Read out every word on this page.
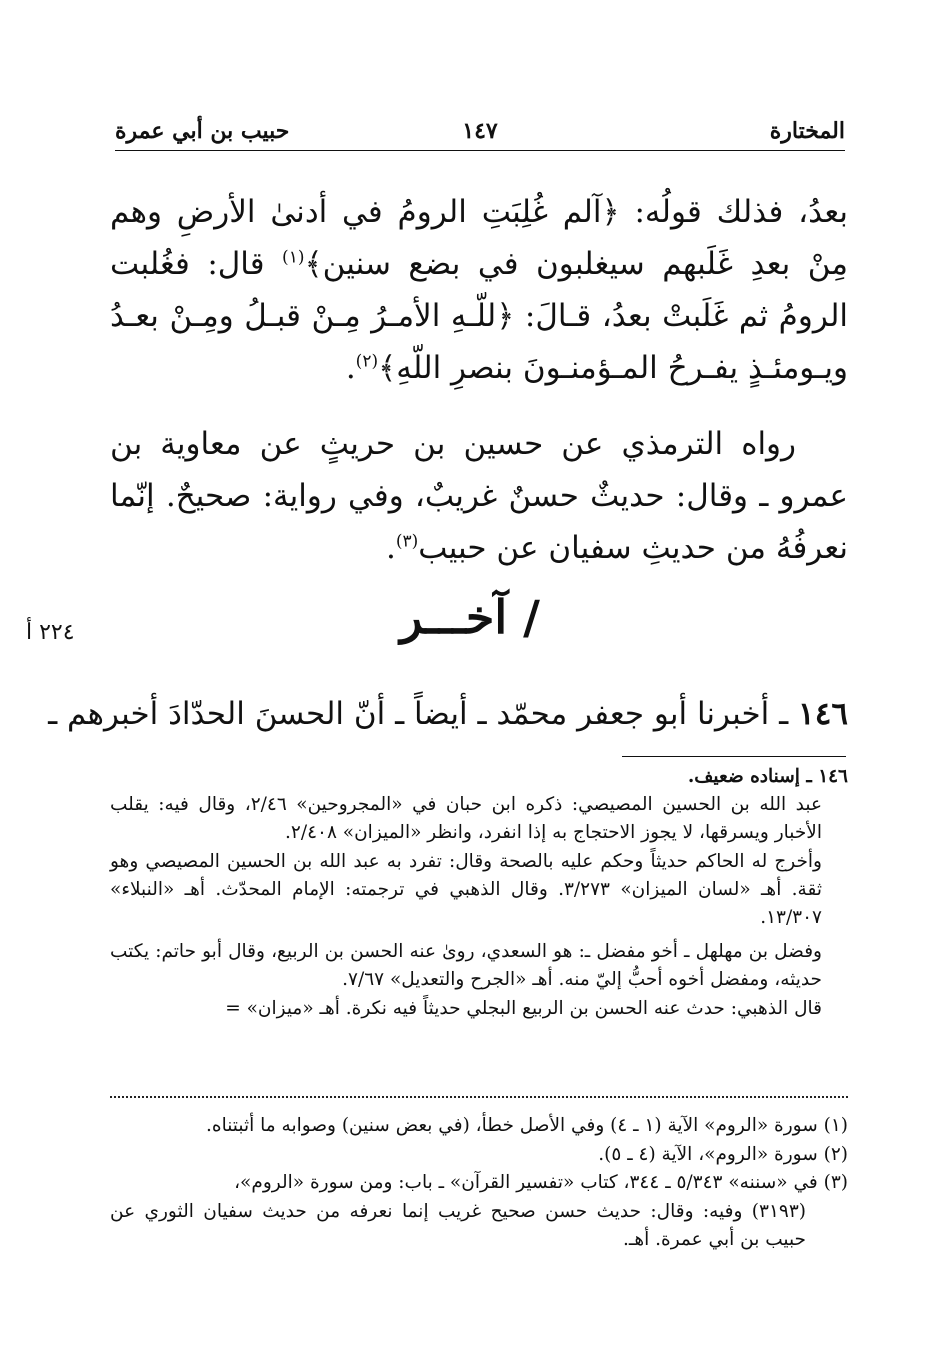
المختارة
١٤٧
حبيب بن أبي عمرة

بعدُ، فذلك قولُه: ﴿آلم غُلِبَتِ الرومُ في أدنىٰ الأرضِ وهم مِنْ بعدِ غَلَبهم سيغلبون في بضع سنين﴾$^{(١)}$ قال: فغُلبت الرومُ ثم غَلَبتْ بعدُ، قـالَ: ﴿للّـهِ الأمـرُ مِـنْ قبـلُ ومِـنْ بعـدُ ويـومئـذٍ يفـرحُ المـؤمنـونَ بنصرِ اللّهِ﴾$^{(٢)}$.

رواه الترمذي عن حسين بن حريثٍ عن معاوية بن عمرو ـ وقال: حديثٌ حسنٌ غريبٌ، وفي رواية: صحيحٌ. إنّما نعرفُهُ من حديثِ سفيان عن حبيب$^{(٣)}$.

/ آخـــر
٢٢٤ أ
١٤٦ ـ أخبرنا أبو جعفر محمّد ـ أيضاً ـ أنّ الحسنَ الحدّادَ أخبرهم ـ

١٤٦ ـ إسناده ضعيف.

عبد الله بن الحسين المصيصي: ذكره ابن حبان في «المجروحين» ٢/٤٦، وقال فيه: يقلب الأخبار ويسرقها، لا يجوز الاحتجاج به إذا انفرد، وانظر «الميزان» ٢/٤٠٨.

وأخرج له الحاكم حديثاً وحكم عليه بالصحة وقال: تفرد به عبد الله بن الحسين المصيصي وهو ثقة. أهـ «لسان الميزان» ٣/٢٧٣. وقال الذهبي في ترجمته: الإمام المحدّث. أهـ «النبلاء» ١٣/٣٠٧.

وفضل بن مهلهل ـ أخو مفضل ـ: هو السعدي، روىٰ عنه الحسن بن الربيع، وقال أبو حاتم: يكتب حديثه، ومفضل أخوه أحبُّ إليّ منه. أهـ «الجرح والتعديل» ٧/٦٧.

قال الذهبي: حدث عنه الحسن بن الربيع البجلي حديثاً فيه نكرة. أهـ «ميزان» =

(١) سورة «الروم» الآية (١ ـ ٤) وفي الأصل خطأ، (في بعض سنين) وصوابه ما أثبتناه.

(٢) سورة «الروم»، الآية (٤ ـ ٥).

(٣) في «سننه» ٥/٣٤٣ ـ ٣٤٤، كتاب «تفسير القرآن» ـ باب: ومن سورة «الروم»،

(٣١٩٣) وفيه: وقال: حديث حسن صحيح غريب إنما نعرفه من حديث سفيان الثوري عن حبيب بن أبي عمرة. أهـ.
